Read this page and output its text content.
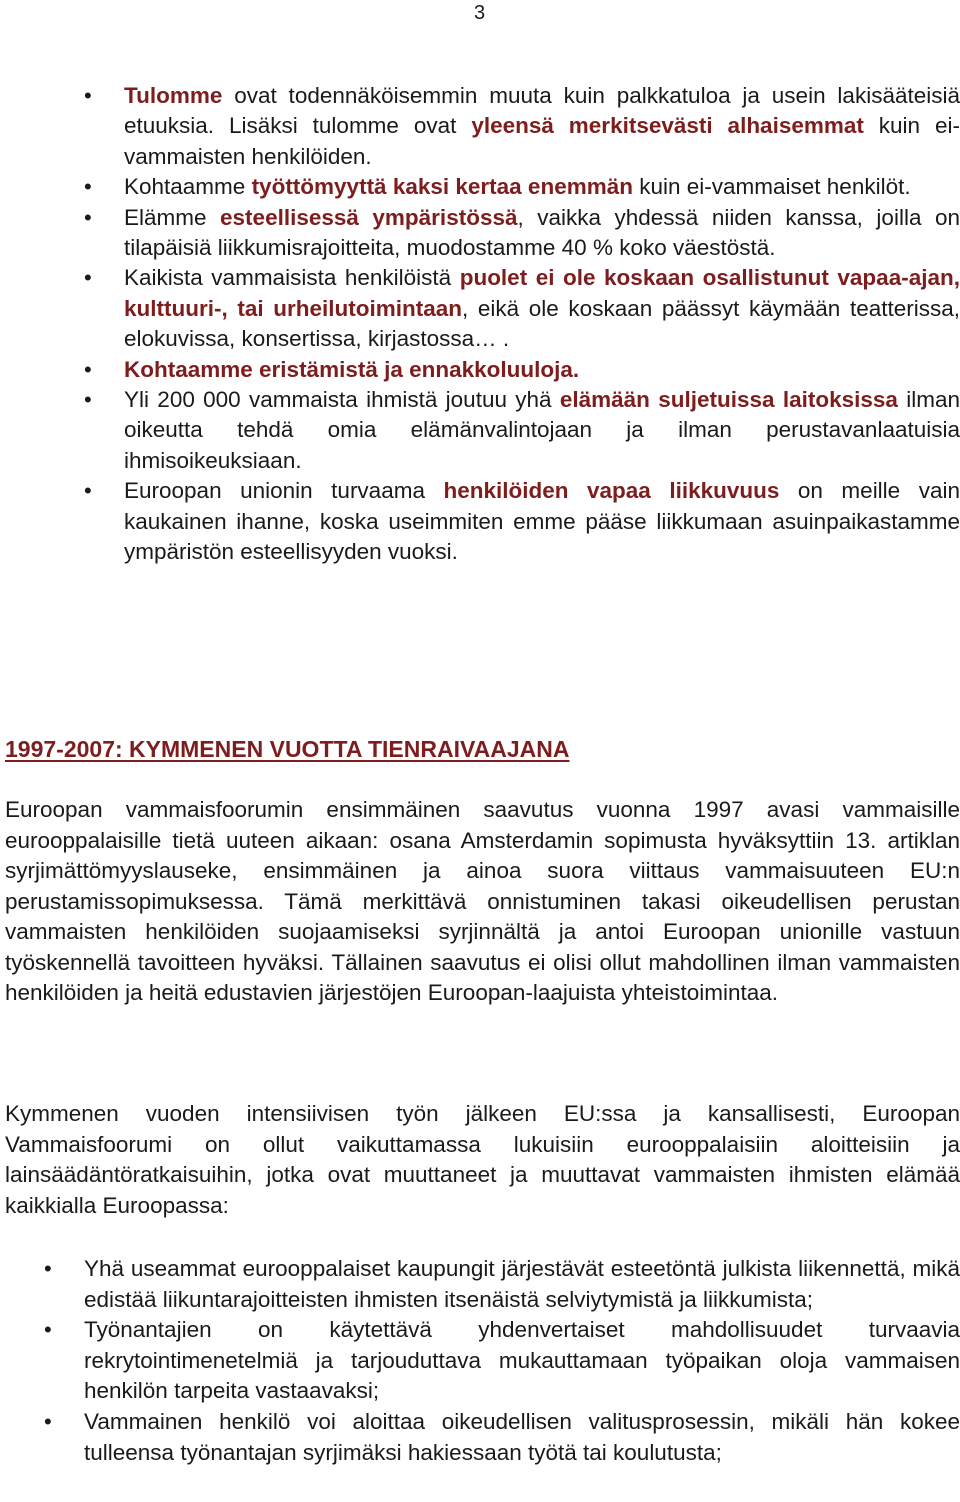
3
• Tulomme ovat todennäköisemmin muuta kuin palkkatuloa ja usein lakisääteisiä etuuksia. Lisäksi tulomme ovat yleensä merkitsevästi alhaisemmat kuin ei-vammaisten henkilöiden.
• Kohtaamme työttömyyttä kaksi kertaa enemmän kuin ei-vammaiset henkilöt.
• Elämme esteellisessä ympäristössä, vaikka yhdessä niiden kanssa, joilla on tilapäisiä liikkumisrajoitteita, muodostamme 40 % koko väestöstä.
• Kaikista vammaisista henkilöistä puolet ei ole koskaan osallistunut vapaa-ajan, kulttuuri-, tai urheilutoimintaan, eikä ole koskaan päässyt käymään teatterissa, elokuvissa, konsertissa, kirjastossa… .
• Kohtaamme eristämistä ja ennakkoluuloja.
• Yli 200 000 vammaista ihmistä joutuu yhä elämään suljetuissa laitoksissa ilman oikeutta tehdä omia elämänvalintojaan ja ilman perustavanlaatuisia ihmisoikeuksiaan.
• Euroopan unionin turvaama henkilöiden vapaa liikkuvuus on meille vain kaukainen ihanne, koska useimmiten emme pääse liikkumaan asuinpaikastamme ympäristön esteellisyyden vuoksi.
1997-2007: KYMMENEN VUOTTA TIENRAIVAAJANA

Euroopan vammaisfoorumin ensimmäinen saavutus vuonna 1997 avasi vammaisille eurooppalaisille tietä uuteen aikaan: osana Amsterdamin sopimusta hyväksyttiin 13. artiklan syrjimättömyyslauseke, ensimmäinen ja ainoa suora viittaus vammaisuuteen EU:n perustamissopimuksessa. Tämä merkittävä onnistuminen takasi oikeudellisen perustan vammaisten henkilöiden suojaamiseksi syrjinnältä ja antoi Euroopan unionille vastuun työskennellä tavoitteen hyväksi. Tällainen saavutus ei olisi ollut mahdollinen ilman vammaisten henkilöiden ja heitä edustavien järjestöjen Euroopan-laajuista yhteistoimintaa.

Kymmenen vuoden intensiivisen työn jälkeen EU:ssa ja kansallisesti, Euroopan Vammaisfoorumi on ollut vaikuttamassa lukuisiin eurooppalaisiin aloitteisiin ja lainsäädäntöratkaisuihin, jotka ovat muuttaneet ja muuttavat vammaisten ihmisten elämää kaikkialla Euroopassa:

• Yhä useammat eurooppalaiset kaupungit järjestävät esteetöntä julkista liikennettä, mikä edistää liikuntarajoitteisten ihmisten itsenäistä selviytymistä ja liikkumista;
• Työnantajien on käytettävä yhdenvertaiset mahdollisuudet turvaavia rekrytointimenetelmiä ja tarjouduttava mukauttamaan työpaikan oloja vammaisen henkilön tarpeita vastaavaksi;
• Vammainen henkilö voi aloittaa oikeudellisen valitusprosessin, mikäli hän kokee tulleensa työnantajan syrjimäksi hakiessaan työtä tai koulutusta;
